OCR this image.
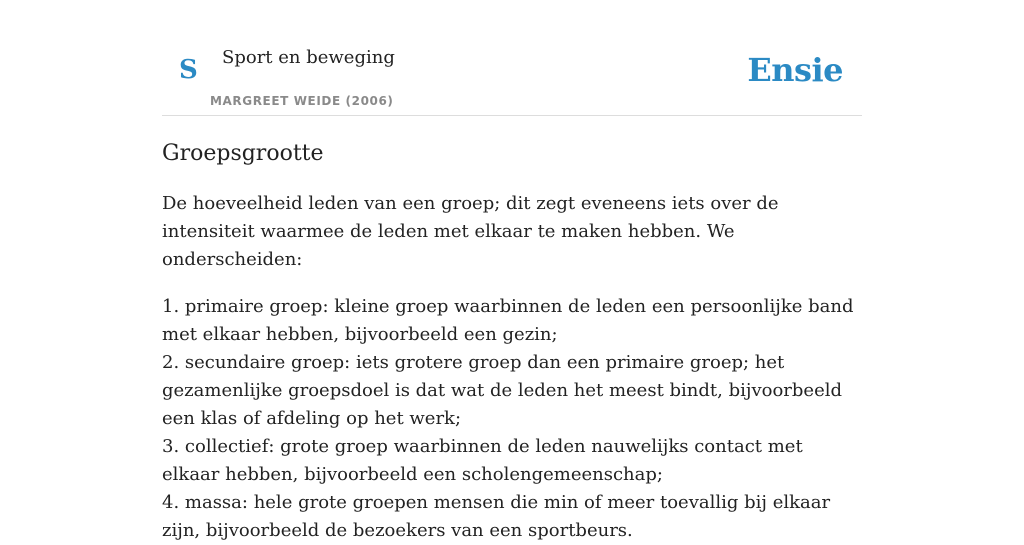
S Sport en beweging
MARGREET WEIDE (2006)
Ensie
Groepsgrootte

De hoeveelheid leden van een groep; dit zegt eveneens iets over de intensiteit waarmee de leden met elkaar te maken hebben. We onderscheiden:

1. primaire groep: kleine groep waarbinnen de leden een persoonlijke band met elkaar hebben, bijvoorbeeld een gezin;
2. secundaire groep: iets grotere groep dan een primaire groep; het gezamenlijke groepsdoel is dat wat de leden het meest bindt, bijvoorbeeld een klas of afdeling op het werk;
3. collectief: grote groep waarbinnen de leden nauwelijks contact met elkaar hebben, bijvoorbeeld een scholengemeenschap;
4. massa: hele grote groepen mensen die min of meer toevallig bij elkaar zijn, bijvoorbeeld de bezoekers van een sportbeurs.
